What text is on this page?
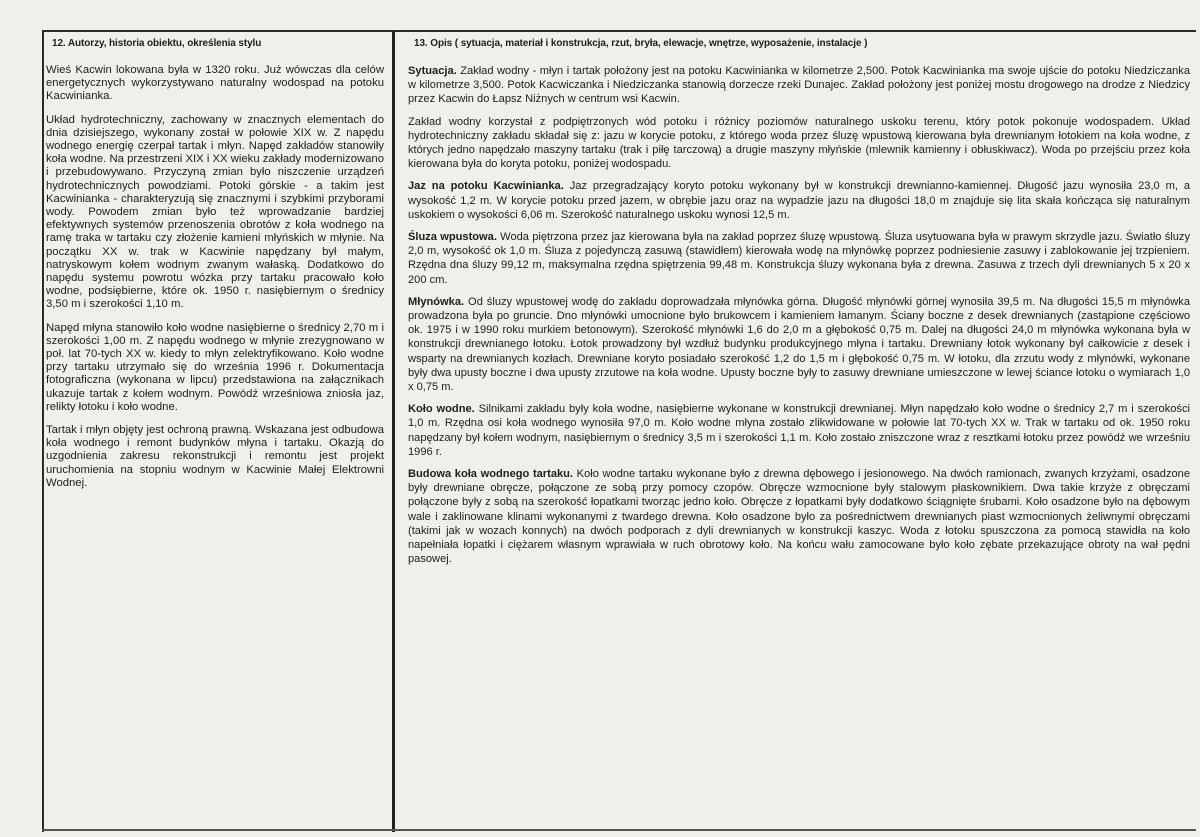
12. Autorzy, historia obiektu, określenia stylu

Wieś Kacwin lokowana była w 1320 roku. Już wówczas dla celów energetycznych wykorzystywano naturalny wodospad na potoku Kacwinianka.

Układ hydrotechniczny, zachowany w znacznych elementach do dnia dzisiejszego, wykonany został w połowie XIX w. Z napędu wodnego energię czerpał tartak i młyn. Napęd zakładów stanowiły koła wodne. Na przestrzeni XIX i XX wieku zakłady modernizowano i przebudowywano. Przyczyną zmian było niszczenie urządzeń hydrotechnicznych powodziami. Potoki górskie - a takim jest Kacwinianka - charakteryzują się znacznymi i szybkimi przyborami wody. Powodem zmian było też wprowadzanie bardziej efektywnych systemów przenoszenia obrotów z koła wodnego na ramę traka w tartaku czy złożenie kamieni młyńskich w młynie. Na początku XX w. trak w Kacwinie napędzany był małym, natryskowym kołem wodnym zwanym wałaską. Dodatkowo do napędu systemu powrotu wózka przy tartaku pracowało koło wodne, podsiębierne, które ok. 1950 r. nasiębiernym o średnicy 3,50 m i szerokości 1,10 m.

Napęd młyna stanowiło koło wodne nasiębierne o średnicy 2,70 m i szerokości 1,00 m. Z napędu wodnego w młynie zrezygnowano w poł. lat 70-tych XX w. kiedy to młyn zelektryfikowano. Koło wodne przy tartaku utrzymało się do września 1996 r. Dokumentacja fotograficzna (wykonana w lipcu) przedstawiona na załącznikach ukazuje tartak z kołem wodnym. Powódź wrześniowa zniosła jaz, relikty łotoku i koło wodne.

Tartak i młyn objęty jest ochroną prawną. Wskazana jest odbudowa koła wodnego i remont budynków młyna i tartaku. Okazją do uzgodnienia zakresu rekonstrukcji i remontu jest projekt uruchomienia na stopniu wodnym w Kacwinie Małej Elektrowni Wodnej.

13. Opis ( sytuacja, materiał i konstrukcja, rzut, bryła, elewacje, wnętrze, wyposażenie, instalacje )

Sytuacja. Zakład wodny - młyn i tartak położony jest na potoku Kacwinianka w kilometrze 2,500. Potok Kacwinianka ma swoje ujście do potoku Niedziczanka w kilometrze 3,500. Potok Kacwiczanka i Niedziczanka stanowią dorzecze rzeki Dunajec. Zakład położony jest poniżej mostu drogowego na drodze z Niedzicy przez Kacwin do Łapsz Niżnych w centrum wsi Kacwin.

Zakład wodny korzystał z podpiętrzonych wód potoku i różnicy poziomów naturalnego uskoku terenu, który potok pokonuje wodospadem. Układ hydrotechniczny zakładu składał się z: jazu w korycie potoku, z którego woda przez śluzę wpustową kierowana była drewnianym łotokiem na koła wodne, z których jedno napędzało maszyny tartaku (trak i piłę tarczową) a drugie maszyny młyńskie (mlewnik kamienny i obłuskiwacz). Woda po przejściu przez koła kierowana była do koryta potoku, poniżej wodospadu.

Jaz na potoku Kacwinianka. Jaz przegradzający koryto potoku wykonany był w konstrukcji drewnianno-kamiennej. Długość jazu wynosiła 23,0 m, a wysokość 1,2 m. W korycie potoku przed jazem, w obrębie jazu oraz na wypadzie jazu na długości 18,0 m znajduje się lita skała kończąca się naturalnym uskokiem o wysokości 6,06 m. Szerokość naturalnego uskoku wynosi 12,5 m.

Śluza wpustowa. Woda piętrzona przez jaz kierowana była na zakład poprzez śluzę wpustową. Śluza usytuowana była w prawym skrzydle jazu. Światło śluzy 2,0 m, wysokość ok 1,0 m. Śluza z pojedynczą zasuwą (stawidłem) kierowała wodę na młynówkę poprzez podniesienie zasuwy i zablokowanie jej trzpieniem. Rzędna dna śluzy 99,12 m, maksymalna rzędna spiętrzenia 99,48 m. Konstrukcja śluzy wykonana była z drewna. Zasuwa z trzech dyli drewnianych 5 x 20 x 200 cm.

Młynówka. Od śluzy wpustowej wodę do zakładu doprowadzała młynówka górna. Długość młynówki górnej wynosiła 39,5 m. Na długości 15,5 m młynówka prowadzona była po gruncie. Dno młynówki umocnione było brukowcem i kamieniem łamanym. Ściany boczne z desek drewnianych (zastąpione częściowo ok. 1975 i w 1990 roku murkiem betonowym). Szerokość młynówki 1,6 do 2,0 m a głębokość 0,75 m. Dalej na długości 24,0 m młynówka wykonana była w konstrukcji drewnianego łotoku. Łotok prowadzony był wzdłuż budynku produkcyjnego młyna i tartaku. Drewniany łotok wykonany był całkowicie z desek i wsparty na drewnianych kozłach. Drewniane koryto posiadało szerokość 1,2 do 1,5 m i głębokość 0,75 m. W łotoku, dla zrzutu wody z młynówki, wykonane były dwa upusty boczne i dwa upusty zrzutowe na koła wodne. Upusty boczne były to zasuwy drewniane umieszczone w lewej ściance łotoku o wymiarach 1,0 x 0,75 m.

Koło wodne. Silnikami zakładu były koła wodne, nasiębierne wykonane w konstrukcji drewnianej. Młyn napędzało koło wodne o średnicy 2,7 m i szerokości 1,0 m. Rzędna osi koła wodnego wynosiła 97,0 m. Koło wodne młyna zostało zlikwidowane w połowie lat 70-tych XX w. Trak w tartaku od ok. 1950 roku napędzany był kołem wodnym, nasiębiernym o średnicy 3,5 m i szerokości 1,1 m. Koło zostało zniszczone wraz z resztkami łotoku przez powódź we wrześniu 1996 r.

Budowa koła wodnego tartaku. Koło wodne tartaku wykonane było z drewna dębowego i jesionowego. Na dwóch ramionach, zwanych krzyżami, osadzone były drewniane obręcze, połączone ze sobą przy pomocy czopów. Obręcze wzmocnione były stalowym płaskownikiem. Dwa takie krzyże z obręczami połączone były z sobą na szerokość łopatkami tworząc jedno koło. Obręcze z łopatkami były dodatkowo ściągnięte śrubami. Koło osadzone było na dębowym wale i zaklinowane klinami wykonanymi z twardego drewna. Koło osadzone było za pośrednictwem drewnianych piast wzmocnionych żeliwnymi obręczami (takimi jak w wozach konnych) na dwóch podporach z dyli drewnianych w konstrukcji kaszyc. Woda z łotoku spuszczona za pomocą stawidła na koło napełniała łopatki i ciężarem własnym wprawiała w ruch obrotowy koło. Na końcu wału zamocowane było koło zębate przekazujące obroty na wał pędni pasowej.
